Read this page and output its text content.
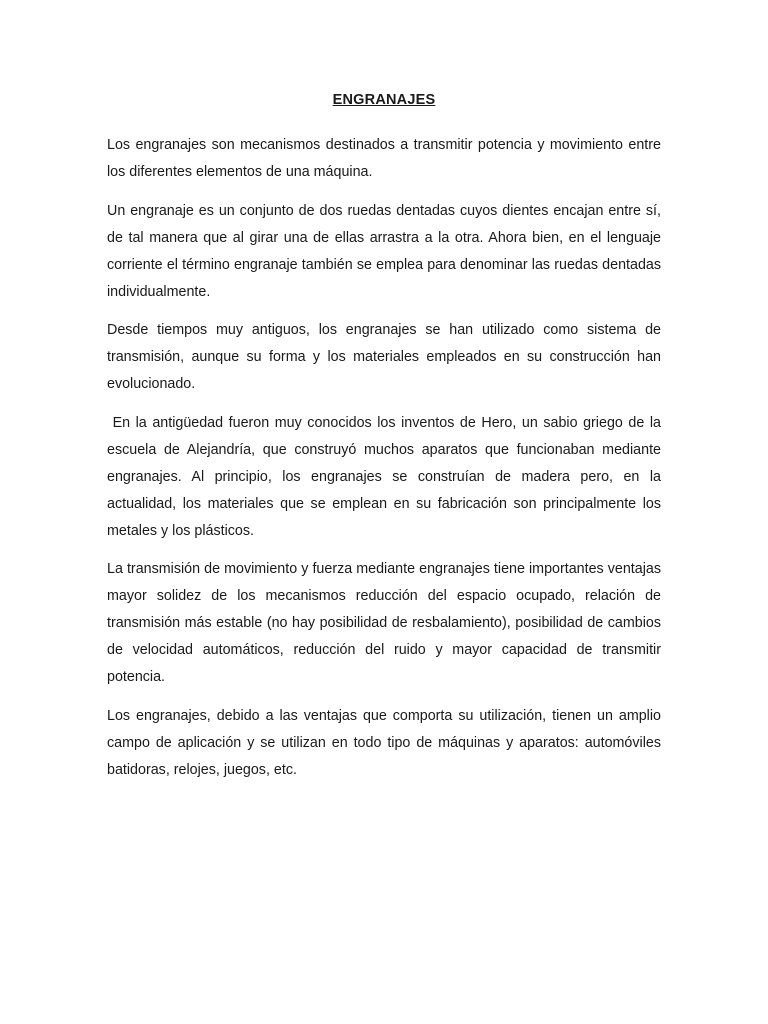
ENGRANAJES

Los engranajes son mecanismos destinados a transmitir potencia y movimiento entre los diferentes elementos de una máquina.

Un engranaje es un conjunto de dos ruedas dentadas cuyos dientes encajan entre sí, de tal manera que al girar una de ellas arrastra a la otra. Ahora bien, en el lenguaje corriente el término engranaje también se emplea para denominar las ruedas dentadas individualmente.

Desde tiempos muy antiguos, los engranajes se han utilizado como sistema de transmisión, aunque su forma y los materiales empleados en su construcción han evolucionado.

En la antigüedad fueron muy conocidos los inventos de Hero, un sabio griego de la escuela de Alejandría, que construyó muchos aparatos que funcionaban mediante engranajes. Al principio, los engranajes se construían de madera pero, en la actualidad, los materiales que se emplean en su fabricación son principalmente los metales y los plásticos.

La transmisión de movimiento y fuerza mediante engranajes tiene importantes ventajas mayor solidez de los mecanismos reducción del espacio ocupado, relación de transmisión más estable (no hay posibilidad de resbalamiento), posibilidad de cambios de velocidad automáticos, reducción del ruido y mayor capacidad de transmitir potencia.

Los engranajes, debido a las ventajas que comporta su utilización, tienen un amplio campo de aplicación y se utilizan en todo tipo de máquinas y aparatos: automóviles batidoras, relojes, juegos, etc.
